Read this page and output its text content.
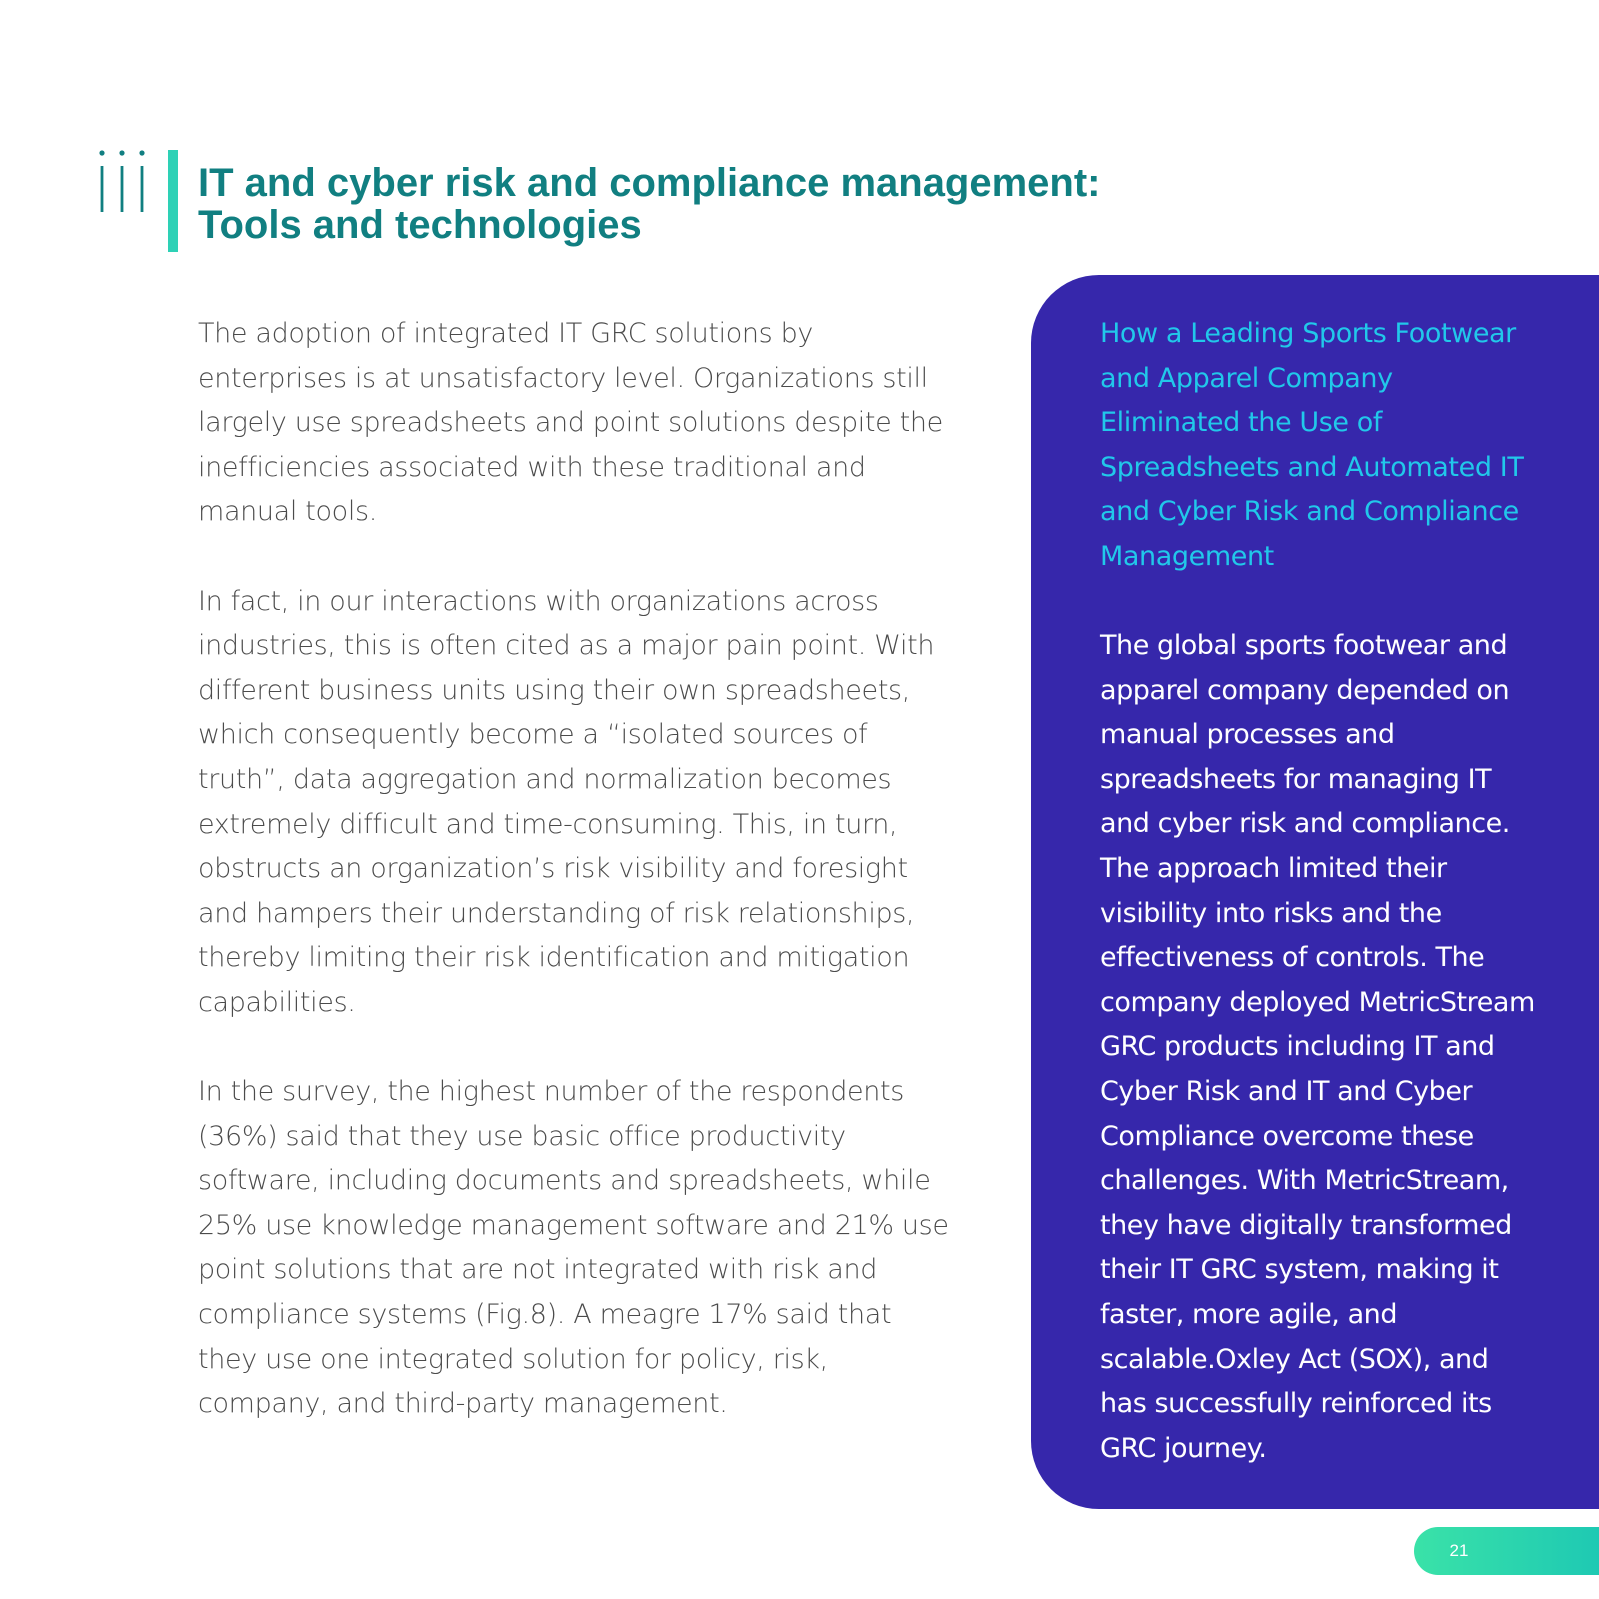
IT and cyber risk and compliance management:
Tools and technologies

The adoption of integrated IT GRC solutions by enterprises is at unsatisfactory level. Organizations still largely use spreadsheets and point solutions despite the inefficiencies associated with these traditional and manual tools.

In fact, in our interactions with organizations across industries, this is often cited as a major pain point. With different business units using their own spreadsheets, which consequently become a “isolated sources of truth”, data aggregation and normalization becomes extremely difficult and time-consuming. This, in turn, obstructs an organization’s risk visibility and foresight and hampers their understanding of risk relationships, thereby limiting their risk identification and mitigation capabilities.

In the survey, the highest number of the respondents (36%) said that they use basic office productivity software, including documents and spreadsheets, while 25% use knowledge management software and 21% use point solutions that are not integrated with risk and compliance systems (Fig.8). A meagre 17% said that they use one integrated solution for policy, risk, company, and third-party management.

How a Leading Sports Footwear and Apparel Company Eliminated the Use of Spreadsheets and Automated IT and Cyber Risk and Compliance Management

The global sports footwear and apparel company depended on manual processes and spreadsheets for managing IT and cyber risk and compliance. The approach limited their visibility into risks and the effectiveness of controls. The company deployed MetricStream GRC products including IT and Cyber Risk and IT and Cyber Compliance overcome these challenges. With MetricStream, they have digitally transformed their IT GRC system, making it faster, more agile, and scalable.Oxley Act (SOX), and has successfully reinforced its GRC journey.

21
